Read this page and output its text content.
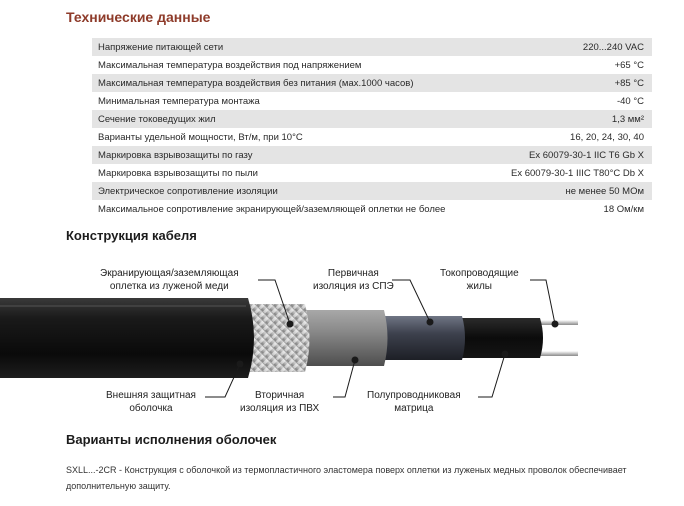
Технические данные
Напряжение питающей сети	220...240 VAC
Максимальная температура воздействия под напряжением	+65 °C
Максимальная температура воздействия без питания (мах.1000 часов)	+85 °C
Минимальная температура монтажа	-40 °C
Сечение токоведущих жил	1,3 мм²
Варианты удельной мощности, Вт/м, при 10°C	16, 20, 24, 30, 40
Маркировка взрывозащиты по газу	Ex 60079-30-1 IIC T6 Gb X
Маркировка взрывозащиты по пыли	Ex 60079-30-1 IIIC T80°C Db X
Электрическое сопротивление изоляции	не менее 50 МОм
Максимальное сопротивление экранирующей/заземляющей оплетки не более	18 Ом/км
Конструкция кабеля
Экранирующая/заземляющая
оплетка из луженой меди
Первичная
изоляция из СПЭ
Токопроводящие
жилы
Внешняя защитная
оболочка
Вторичная
изоляция из ПВХ
Полупроводниковая
матрица
Варианты исполнения оболочек
SXLL...-2CR - Конструкция с оболочкой из термопластичного эластомера поверх оплетки из луженых медных проволок обеспечивает дополнительную защиту.
